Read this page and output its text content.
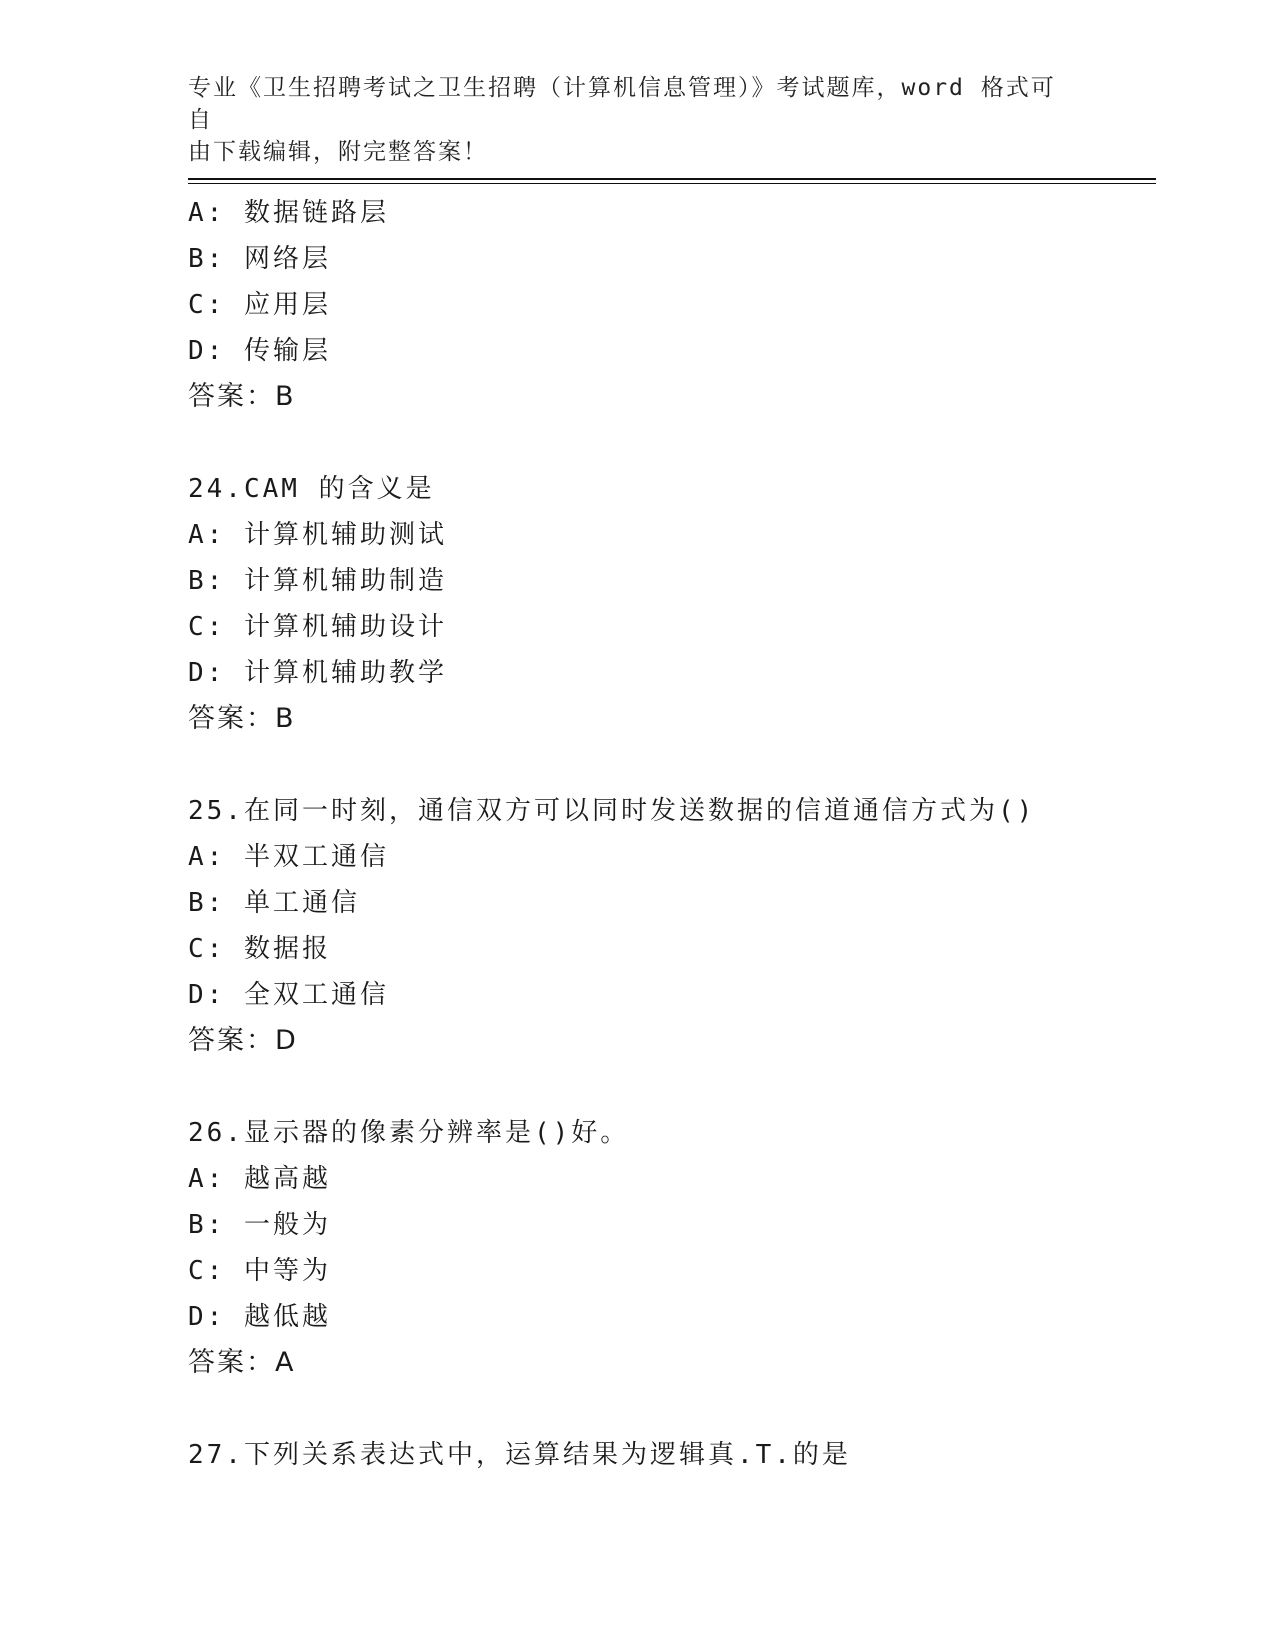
专业《卫生招聘考试之卫生招聘（计算机信息管理）》考试题库，word 格式可自
由下载编辑，附完整答案！
A: 数据链路层
B: 网络层
C: 应用层
D: 传输层
答案：B
24.CAM 的含义是
A: 计算机辅助测试
B: 计算机辅助制造
C: 计算机辅助设计
D: 计算机辅助教学
答案：B
25.在同一时刻，通信双方可以同时发送数据的信道通信方式为()
A: 半双工通信
B: 单工通信
C: 数据报
D: 全双工通信
答案：D
26.显示器的像素分辨率是()好。
A: 越高越
B: 一般为
C: 中等为
D: 越低越
答案：A
27.下列关系表达式中，运算结果为逻辑真.T.的是
